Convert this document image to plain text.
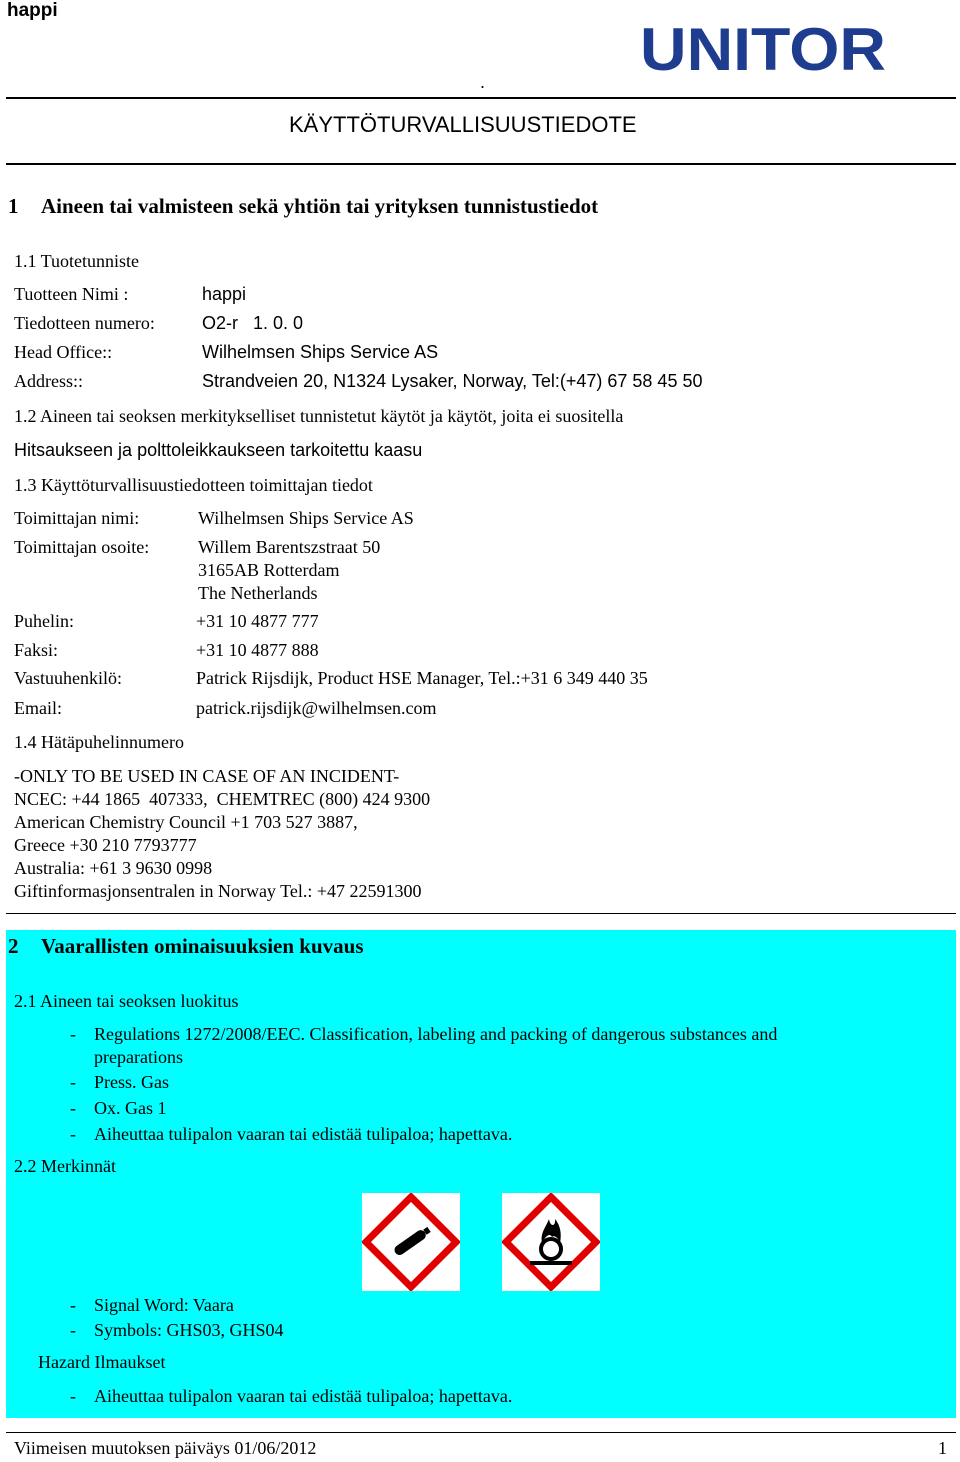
happi
UNITOR
.
KÄYTTÖTURVALLISUUSTIEDOTE
1 Aineen tai valmisteen sekä yhtiön tai yrityksen tunnistustiedot
1.1 Tuotetunniste
Tuotteen Nimi :	happi
Tiedotteen numero:	O2-r   1. 0. 0
Head Office::	Wilhelmsen Ships Service AS
Address::	Strandveien 20, N1324 Lysaker, Norway, Tel:(+47) 67 58 45 50
1.2 Aineen tai seoksen merkitykselliset tunnistetut käytöt ja käytöt, joita ei suositella
Hitsaukseen ja polttoleikkaukseen tarkoitettu kaasu
1.3 Käyttöturvallisuustiedotteen toimittajan tiedot
Toimittajan nimi:	Wilhelmsen Ships Service AS
Toimittajan osoite:	Willem Barentszstraat 50
3165AB Rotterdam
The Netherlands
Puhelin:	+31 10 4877 777
Faksi:	+31 10 4877 888
Vastuuhenkilö:	Patrick Rijsdijk, Product HSE Manager, Tel.:+31 6 349 440 35
Email:	patrick.rijsdijk@wilhelmsen.com
1.4 Hätäpuhelinnumero
-ONLY TO BE USED IN CASE OF AN INCIDENT-
NCEC: +44 1865  407333,  CHEMTREC (800) 424 9300
American Chemistry Council +1 703 527 3887,
Greece +30 210 7793777
Australia: +61 3 9630 0998
Giftinformasjonsentralen in Norway Tel.: +47 22591300
2 Vaarallisten ominaisuuksien kuvaus
2.1 Aineen tai seoksen luokitus
- Regulations 1272/2008/EEC. Classification, labeling and packing of dangerous substances and
preparations
- Press. Gas
- Ox. Gas 1
- Aiheuttaa tulipalon vaaran tai edistää tulipaloa; hapettava.
2.2 Merkinnät
- Signal Word: Vaara
- Symbols: GHS03, GHS04
Hazard Ilmaukset
- Aiheuttaa tulipalon vaaran tai edistää tulipaloa; hapettava.
Viimeisen muutoksen päiväys 01/06/2012	1
